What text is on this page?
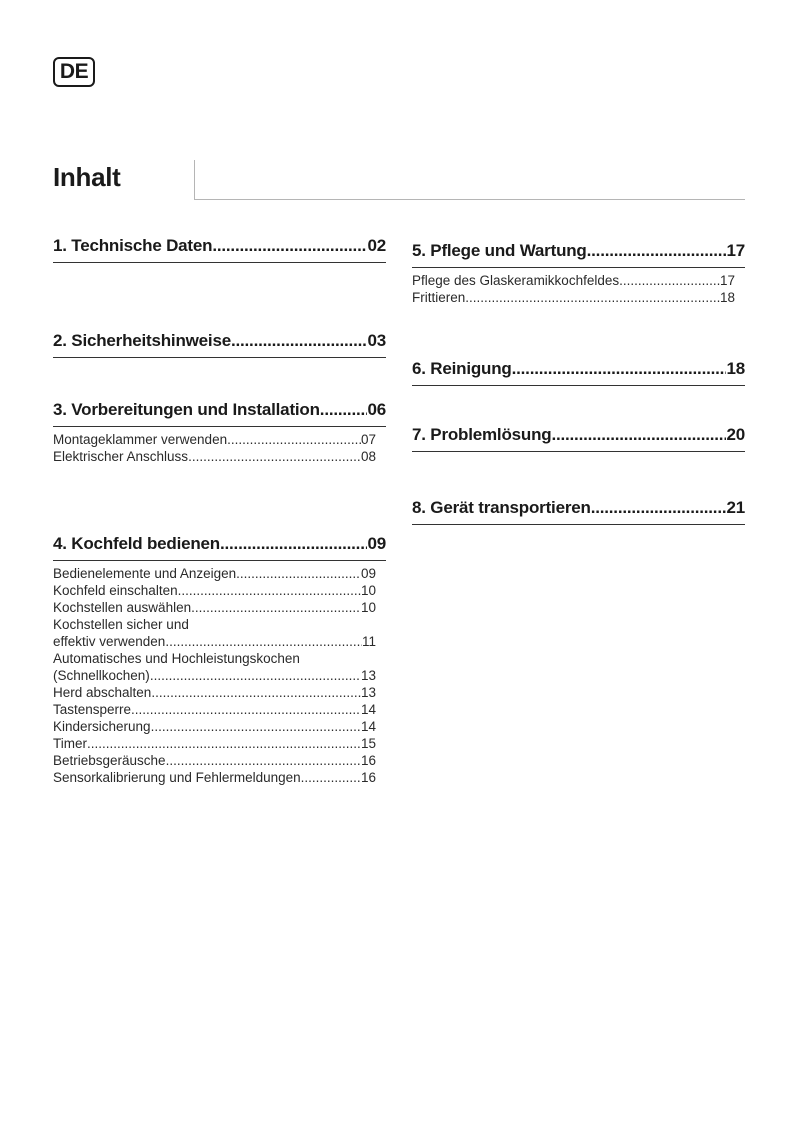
DE
Inhalt
1. Technische Daten .....	02
2. Sicherheitshinweise .....	03
3. Vorbereitungen und Installation .....	06
Montageklammer verwenden .....	07
Elektrischer Anschluss .....	08
4. Kochfeld bedienen .....	09
Bedienelemente und Anzeigen .....	09
Kochfeld einschalten .....	10
Kochstellen auswählen .....	10
Kochstellen sicher und
effektiv verwenden .....	11
Automatisches und Hochleistungskochen
(Schnellkochen) .....	13
Herd abschalten .....	13
Tastensperre .....	14
Kindersicherung .....	14
Timer .....	15
Betriebsgeräusche .....	16
Sensorkalibrierung und Fehlermeldungen .....	16
5. Pflege und Wartung .....	17
Pflege des Glaskeramikkochfeldes .....	17
Frittieren .....	18
6. Reinigung .....	18
7. Problemlösung .....	20
8. Gerät transportieren .....	21
